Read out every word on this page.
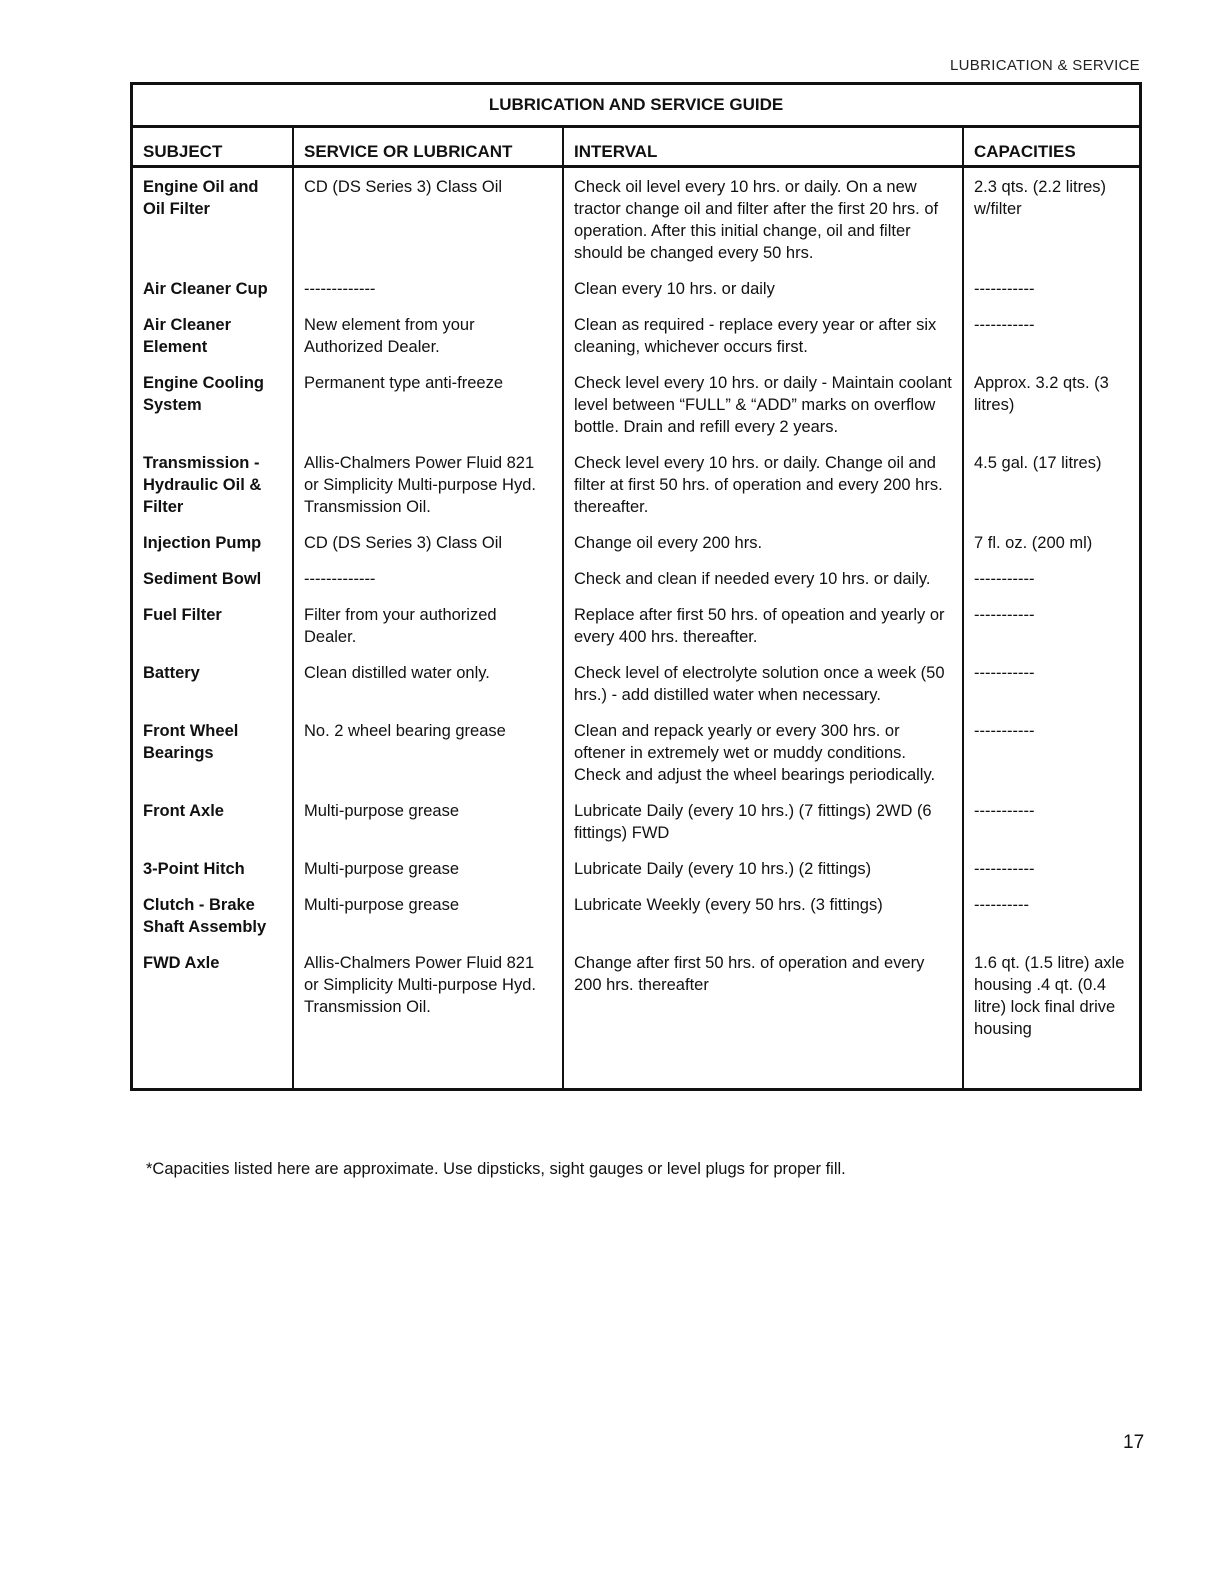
LUBRICATION & SERVICE
LUBRICATION AND SERVICE GUIDE
SUBJECT	SERVICE OR LUBRICANT	INTERVAL	CAPACITIES
Engine Oil and Oil Filter	CD (DS Series 3) Class Oil	Check oil level every 10 hrs. or daily. On a new tractor change oil and filter after the first 20 hrs. of operation. After this initial change, oil and filter should be changed every 50 hrs.	2.3 qts. (2.2 litres) w/filter
Air Cleaner Cup	-------------	Clean every 10 hrs. or daily	-----------
Air Cleaner Element	New element from your Authorized Dealer.	Clean as required - replace every year or after six cleaning, whichever occurs first.	-----------
Engine Cooling System	Permanent type anti-freeze	Check level every 10 hrs. or daily - Maintain coolant level between “FULL” & “ADD” marks on overflow bottle. Drain and refill every 2 years.	Approx. 3.2 qts. (3 litres)
Transmission - Hydraulic Oil & Filter	Allis-Chalmers Power Fluid 821 or Simplicity Multi-purpose Hyd. Transmission Oil.	Check level every 10 hrs. or daily. Change oil and filter at first 50 hrs. of operation and every 200 hrs. thereafter.	4.5 gal. (17 litres)
Injection Pump	CD (DS Series 3) Class Oil	Change oil every 200 hrs.	7 fl. oz. (200 ml)
Sediment Bowl	-------------	Check and clean if needed every 10 hrs. or daily.	-----------
Fuel Filter	Filter from your authorized Dealer.	Replace after first 50 hrs. of opeation and yearly or every 400 hrs. thereafter.	-----------
Battery	Clean distilled water only.	Check level of electrolyte solution once a week (50 hrs.) - add distilled water when necessary.	-----------
Front Wheel Bearings	No. 2 wheel bearing grease	Clean and repack yearly or every 300 hrs. or oftener in extremely wet or muddy conditions. Check and adjust the wheel bearings periodically.	-----------
Front Axle	Multi-purpose grease	Lubricate Daily (every 10 hrs.) (7 fittings) 2WD (6 fittings) FWD	-----------
3-Point Hitch	Multi-purpose grease	Lubricate Daily (every 10 hrs.) (2 fittings)	-----------
Clutch - Brake Shaft Assembly	Multi-purpose grease	Lubricate Weekly (every 50 hrs. (3 fittings)	----------
FWD Axle	Allis-Chalmers Power Fluid 821 or Simplicity Multi-purpose Hyd. Transmission Oil.	Change after first 50 hrs. of operation and every 200 hrs. thereafter	1.6 qt. (1.5 litre) axle housing .4 qt. (0.4 litre) lock final drive housing
*Capacities listed here are approximate. Use dipsticks, sight gauges or level plugs for proper fill.
17
